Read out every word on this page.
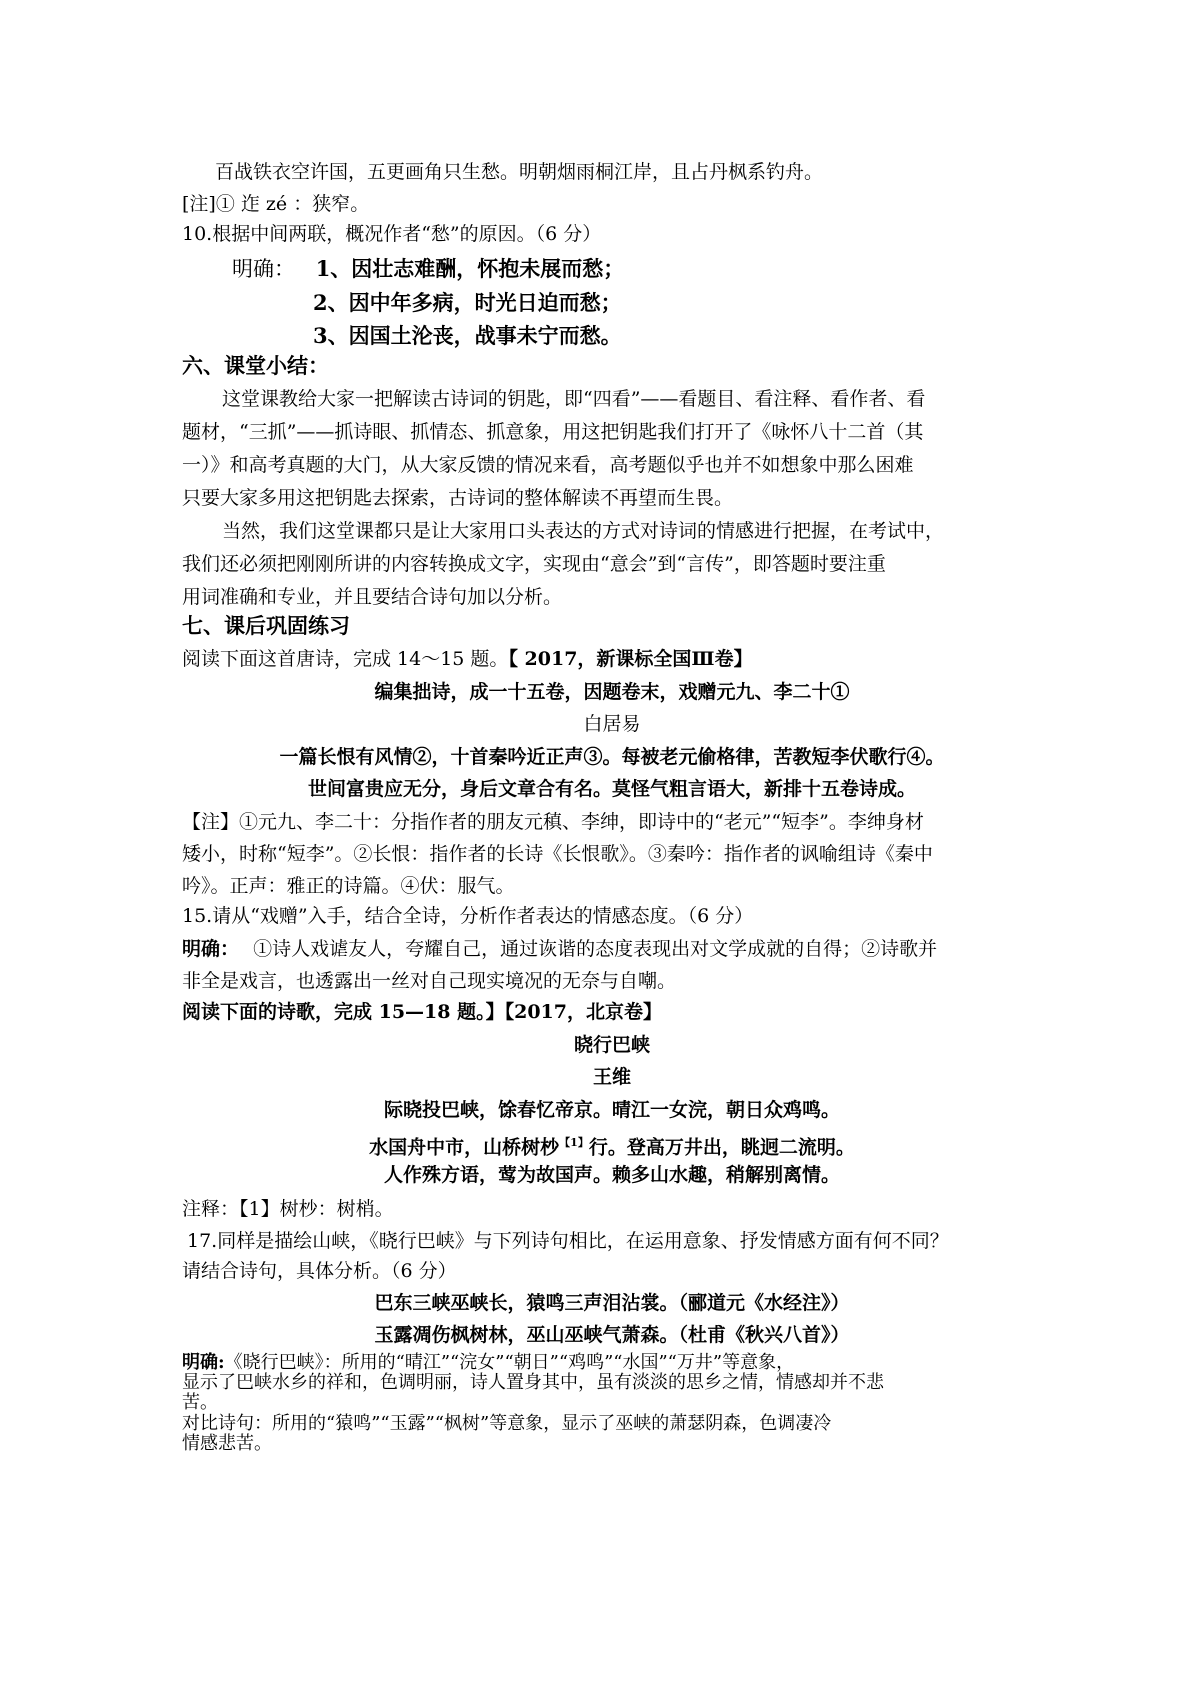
百战铁衣空许国，五更画角只生愁。明朝烟雨桐江岸，且占丹枫系钓舟。
[注]① 迮 zé ：狭窄。
10.根据中间两联，概况作者“愁”的原因。（6 分）
明确： 1、因壮志难酬，怀抱未展而愁；
2、因中年多病，时光日迫而愁；
3、因国土沦丧，战事未宁而愁。
六、课堂小结：
这堂课教给大家一把解读古诗词的钥匙，即“四看”——看题目、看注释、看作者、看
题材，“三抓”——抓诗眼、抓情态、抓意象，用这把钥匙我们打开了《咏怀八十二首（其
一）》和高考真题的大门，从大家反馈的情况来看，高考题似乎也并不如想象中那么困难
只要大家多用这把钥匙去探索，古诗词的整体解读不再望而生畏。
当然，我们这堂课都只是让大家用口头表达的方式对诗词的情感进行把握，在考试中，
我们还必须把刚刚所讲的内容转换成文字，实现由“意会”到“言传”，即答题时要注重
用词准确和专业，并且要结合诗句加以分析。
七、课后巩固练习
阅读下面这首唐诗，完成 14～15 题。【 2017，新课标全国Ⅲ卷】
编集拙诗，成一十五卷，因题卷末，戏赠元九、李二十①
白居易
一篇长恨有风情②，十首秦吟近正声③。每被老元偷格律，苦教短李伏歌行④。
世间富贵应无分，身后文章合有名。莫怪气粗言语大，新排十五卷诗成。
【注】①元九、李二十：分指作者的朋友元稹、李绅，即诗中的“老元”“短李”。李绅身材
矮小，时称“短李”。②长恨：指作者的长诗《长恨歌》。③秦吟：指作者的讽喻组诗《秦中
吟》。正声：雅正的诗篇。④伏：服气。
15.请从“戏赠”入手，结合全诗，分析作者表达的情感态度。（6 分）
明确： ①诗人戏谑友人，夸耀自己，通过诙谐的态度表现出对文学成就的自得；②诗歌并
非全是戏言，也透露出一丝对自己现实境况的无奈与自嘲。
阅读下面的诗歌，完成 15—18 题。】【2017，北京卷】
晓行巴峡
王维
际晓投巴峡，馀春忆帝京。晴江一女浣，朝日众鸡鸣。
水国舟中市，山桥树杪$^{【1】}$行。登高万井出，眺迥二流明。
人作殊方语，莺为故国声。赖多山水趣，稍解别离情。
注释：【1】树杪：树梢。
17.同样是描绘山峡，《晓行巴峡》与下列诗句相比，在运用意象、抒发情感方面有何不同？
请结合诗句，具体分析。（6 分）
巴东三峡巫峡长，猿鸣三声泪沾裳。（郦道元《水经注》）
玉露凋伤枫树林，巫山巫峡气萧森。（杜甫《秋兴八首》）
明确:《晓行巴峡》：所用的“晴江”“浣女”“朝日”“鸡鸣”“水国”“万井”等意象，
显示了巴峡水乡的祥和，色调明丽，诗人置身其中，虽有淡淡的思乡之情，情感却并不悲
苦。
对比诗句：所用的“猿鸣”“玉露”“枫树”等意象，显示了巫峡的萧瑟阴森，色调凄冷
情感悲苦。
